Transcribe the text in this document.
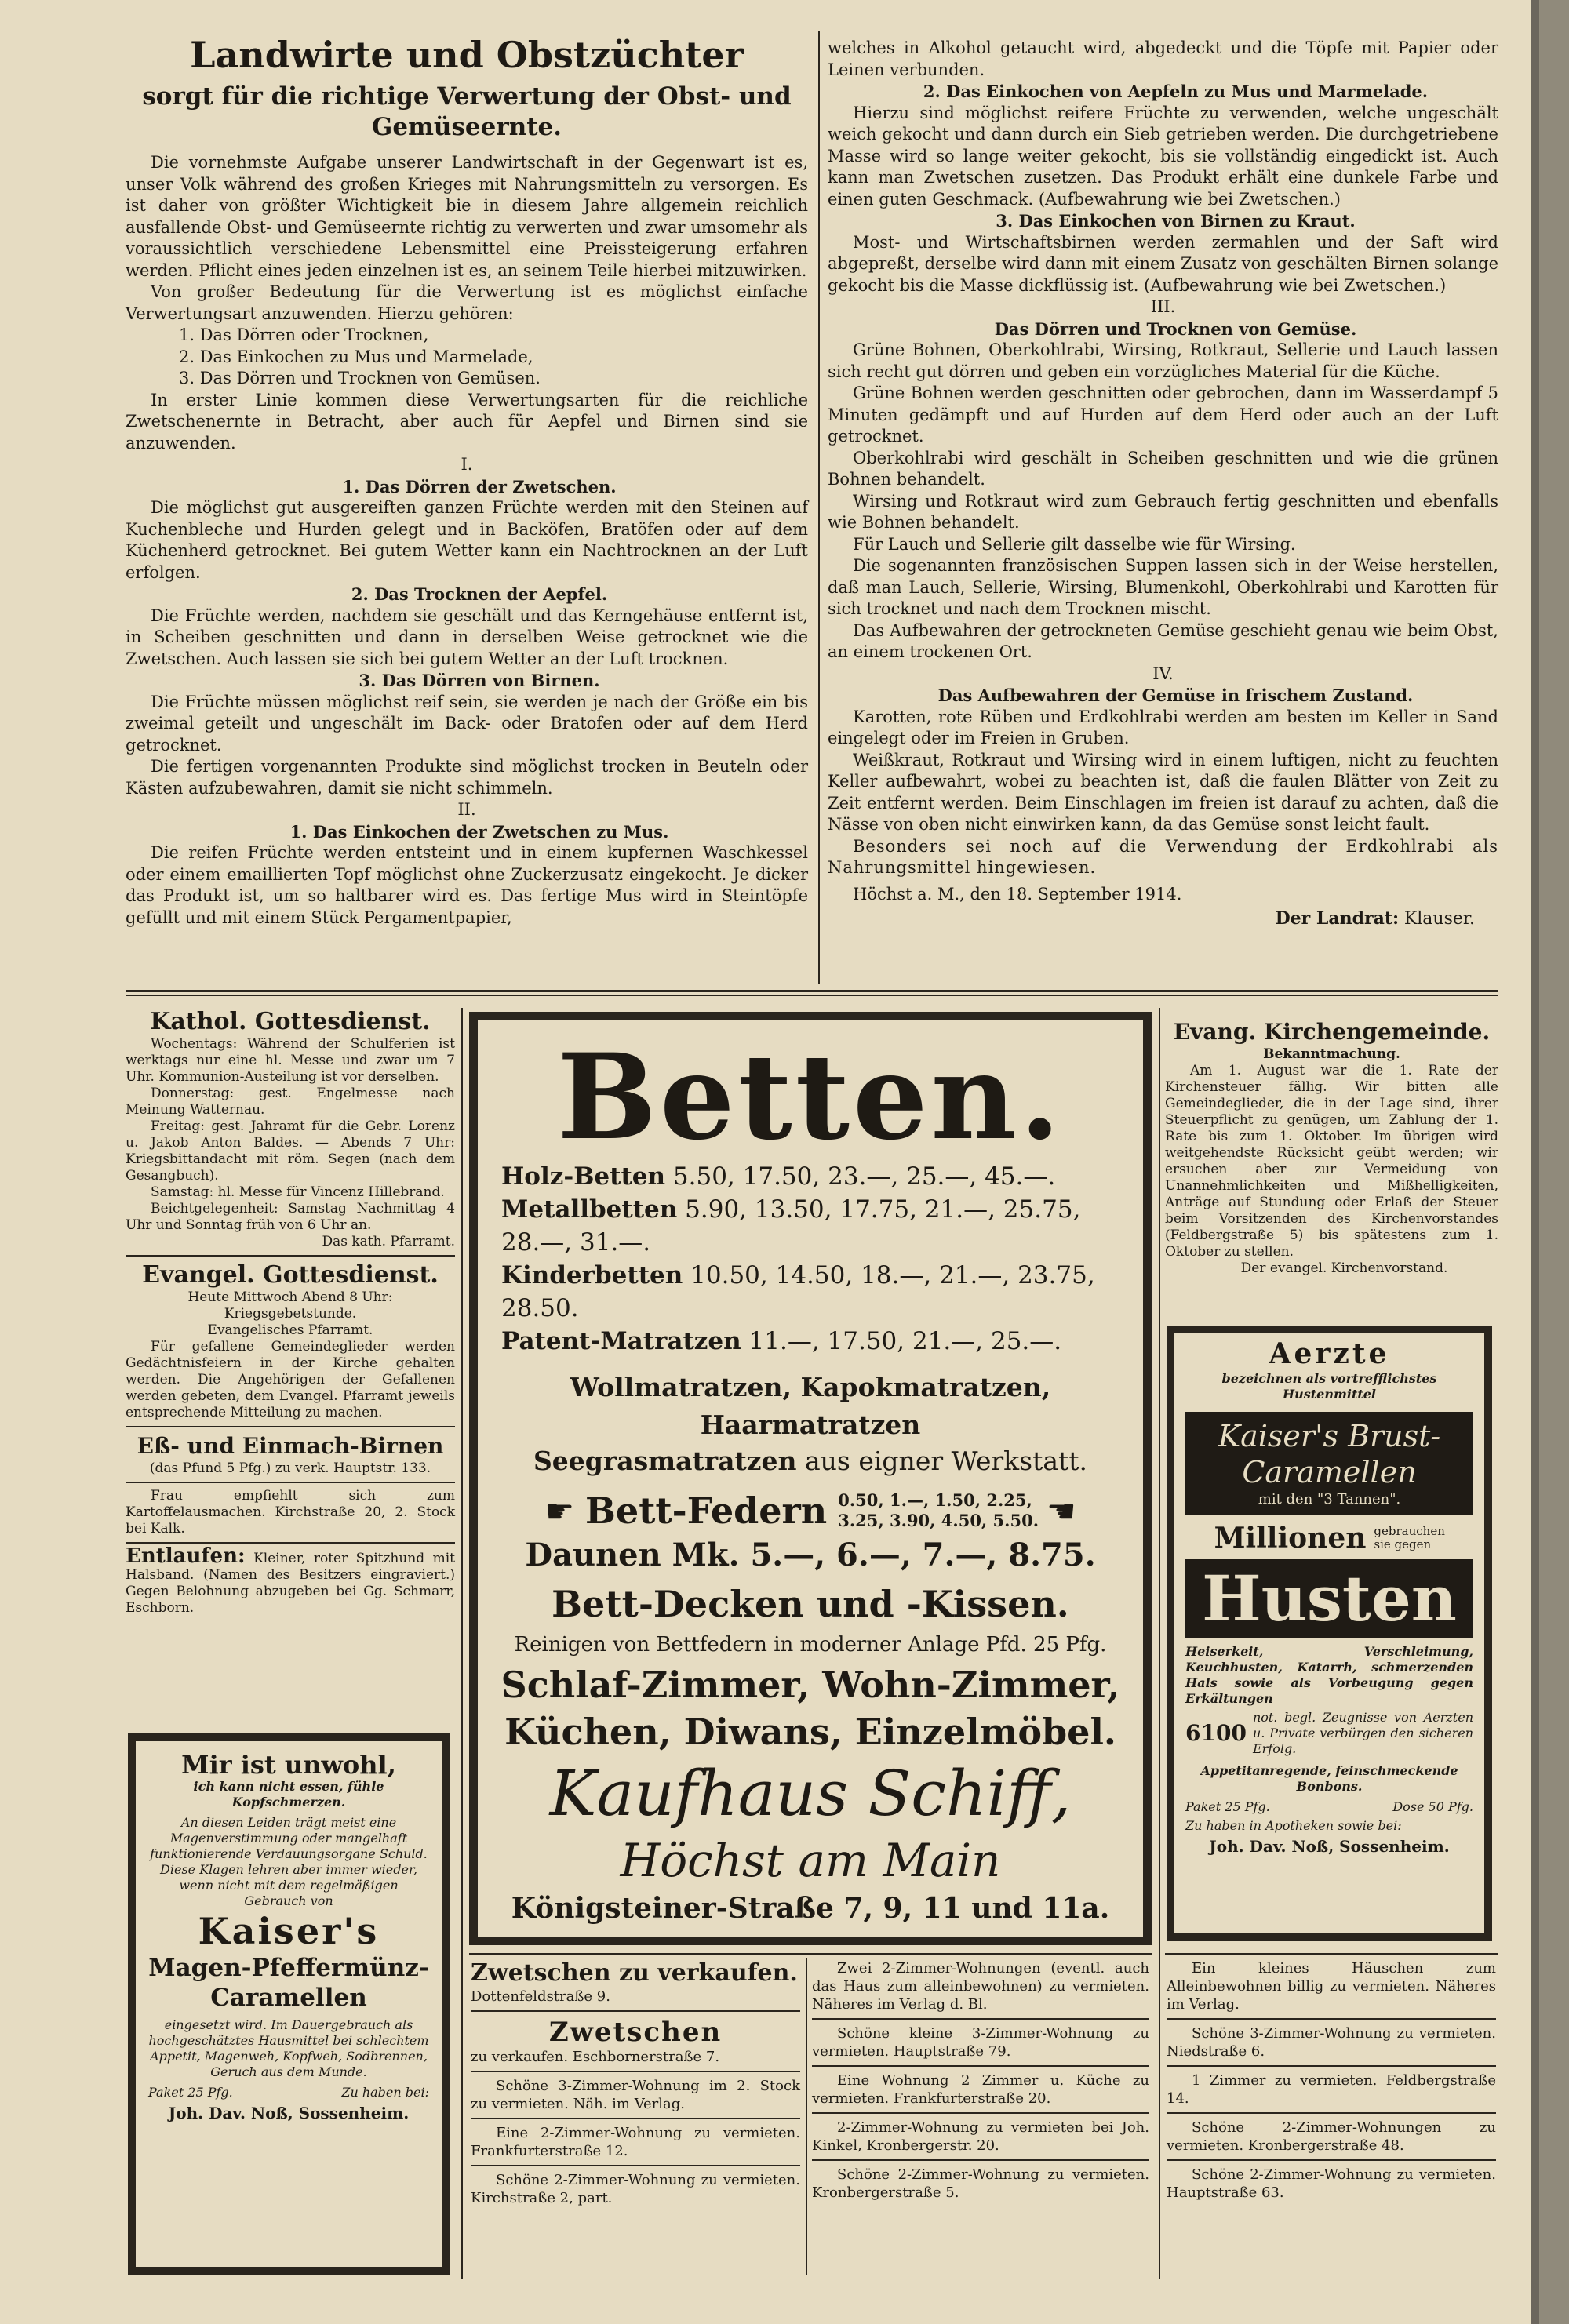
Landwirte und Obstzüchter
sorgt für die richtige Verwertung der Obst- und Gemüseernte.

Die vornehmste Aufgabe unserer Landwirtschaft in der Gegenwart ist es, unser Volk während des großen Krieges mit Nahrungsmitteln zu versorgen. Es ist daher von größter Wichtigkeit bie in diesem Jahre allgemein reichlich ausfallende Obst- und Gemüseernte richtig zu verwerten und zwar umsomehr als voraussichtlich verschiedene Lebensmittel eine Preissteigerung erfahren werden. Pflicht eines jeden einzelnen ist es, an seinem Teile hierbei mitzuwirken.

Von großer Bedeutung für die Verwertung ist es möglichst einfache Verwertungsart anzuwenden. Hierzu gehören:

1. Das Dörren oder Trocknen,
2. Das Einkochen zu Mus und Marmelade,
3. Das Dörren und Trocknen von Gemüsen.

In erster Linie kommen diese Verwertungsarten für die reichliche Zwetschenernte in Betracht, aber auch für Aepfel und Birnen sind sie anzuwenden.

I.

1. Das Dörren der Zwetschen.

Die möglichst gut ausgereiften ganzen Früchte werden mit den Steinen auf Kuchenbleche und Hurden gelegt und in Backöfen, Bratöfen oder auf dem Küchenherd getrocknet. Bei gutem Wetter kann ein Nachtrocknen an der Luft erfolgen.

2. Das Trocknen der Aepfel.

Die Früchte werden, nachdem sie geschält und das Kerngehäuse entfernt ist, in Scheiben geschnitten und dann in derselben Weise getrocknet wie die Zwetschen. Auch lassen sie sich bei gutem Wetter an der Luft trocknen.

3. Das Dörren von Birnen.

Die Früchte müssen möglichst reif sein, sie werden je nach der Größe ein bis zweimal geteilt und ungeschält im Back- oder Bratofen oder auf dem Herd getrocknet.

Die fertigen vorgenannten Produkte sind möglichst trocken in Beuteln oder Kästen aufzubewahren, damit sie nicht schimmeln.

II.

1. Das Einkochen der Zwetschen zu Mus.

Die reifen Früchte werden entsteint und in einem kupfernen Waschkessel oder einem emaillierten Topf möglichst ohne Zuckerzusatz eingekocht. Je dicker das Produkt ist, um so haltbarer wird es. Das fertige Mus wird in Steintöpfe gefüllt und mit einem Stück Pergamentpapier,

welches in Alkohol getaucht wird, abgedeckt und die Töpfe mit Papier oder Leinen verbunden.

2. Das Einkochen von Aepfeln zu Mus und Marmelade.

Hierzu sind möglichst reifere Früchte zu verwenden, welche ungeschält weich gekocht und dann durch ein Sieb getrieben werden. Die durchgetriebene Masse wird so lange weiter gekocht, bis sie vollständig eingedickt ist. Auch kann man Zwetschen zusetzen. Das Produkt erhält eine dunkele Farbe und einen guten Geschmack. (Aufbewahrung wie bei Zwetschen.)

3. Das Einkochen von Birnen zu Kraut.

Most- und Wirtschaftsbirnen werden zermahlen und der Saft wird abgepreßt, derselbe wird dann mit einem Zusatz von geschälten Birnen solange gekocht bis die Masse dickflüssig ist. (Aufbewahrung wie bei Zwetschen.)

III.

Das Dörren und Trocknen von Gemüse.

Grüne Bohnen, Oberkohlrabi, Wirsing, Rotkraut, Sellerie und Lauch lassen sich recht gut dörren und geben ein vorzügliches Material für die Küche.

Grüne Bohnen werden geschnitten oder gebrochen, dann im Wasserdampf 5 Minuten gedämpft und auf Hurden auf dem Herd oder auch an der Luft getrocknet.

Oberkohlrabi wird geschält in Scheiben geschnitten und wie die grünen Bohnen behandelt.

Wirsing und Rotkraut wird zum Gebrauch fertig geschnitten und ebenfalls wie Bohnen behandelt.

Für Lauch und Sellerie gilt dasselbe wie für Wirsing.

Die sogenannten französischen Suppen lassen sich in der Weise herstellen, daß man Lauch, Sellerie, Wirsing, Blumenkohl, Oberkohlrabi und Karotten für sich trocknet und nach dem Trocknen mischt.

Das Aufbewahren der getrockneten Gemüse geschieht genau wie beim Obst, an einem trockenen Ort.

IV.

Das Aufbewahren der Gemüse in frischem Zustand.

Karotten, rote Rüben und Erdkohlrabi werden am besten im Keller in Sand eingelegt oder im Freien in Gruben.

Weißkraut, Rotkraut und Wirsing wird in einem luftigen, nicht zu feuchten Keller aufbewahrt, wobei zu beachten ist, daß die faulen Blätter von Zeit zu Zeit entfernt werden. Beim Einschlagen im freien ist darauf zu achten, daß die Nässe von oben nicht einwirken kann, da das Gemüse sonst leicht fault.

Besonders sei noch auf die Verwendung der Erdkohlrabi als Nahrungsmittel hingewiesen.

Höchst a. M., den 18. September 1914.

Der Landrat: Klauser.
Kathol. Gottesdienst.

Wochentags: Während der Schulferien ist werktags nur eine hl. Messe und zwar um 7 Uhr. Kommunion-Austeilung ist vor derselben.

Donnerstag: gest. Engelmesse nach Meinung Watternau.

Freitag: gest. Jahramt für die Gebr. Lorenz u. Jakob Anton Baldes. — Abends 7 Uhr: Kriegsbittandacht mit röm. Segen (nach dem Gesangbuch).

Samstag: hl. Messe für Vincenz Hillebrand.

Beichtgelegenheit: Samstag Nachmittag 4 Uhr und Sonntag früh von 6 Uhr an.

Das kath. Pfarramt.

Evangel. Gottesdienst.

Heute Mittwoch Abend 8 Uhr: Kriegsgebetstunde.

Evangelisches Pfarramt.

Für gefallene Gemeindeglieder werden Gedächtnisfeiern in der Kirche gehalten werden. Die Angehörigen der Gefallenen werden gebeten, dem Evangel. Pfarramt jeweils entsprechende Mitteilung zu machen.

Eß- und Einmach-Birnen

(das Pfund 5 Pfg.) zu verk. Hauptstr. 133.

Frau empfiehlt sich zum Kartoffelausmachen. Kirchstraße 20, 2. Stock bei Kalk.

Entlaufen: Kleiner, roter Spitzhund mit Halsband. (Namen des Besitzers eingraviert.) Gegen Belohnung abzugeben bei Gg. Schmarr, Eschborn.

Mir ist unwohl,
ich kann nicht essen, fühle Kopfschmerzen.

An diesen Leiden trägt meist eine Magenverstimmung oder mangelhaft funktionierende Verdauungsorgane Schuld. Diese Klagen lehren aber immer wieder, wenn nicht mit dem regelmäßigen Gebrauch von

Kaiser's
Magen-Pfeffermünz-Caramellen

eingesetzt wird. Im Dauergebrauch als hochgeschätztes Hausmittel bei schlechtem Appetit, Magenweh, Kopfweh, Sodbrennen, Geruch aus dem Munde.

Paket 25 Pfg.	Zu haben bei:
Joh. Dav. Noß, Sossenheim.
Betten.
Holz-Betten 5.50, 17.50, 23.—, 25.—, 45.—.
Metallbetten 5.90, 13.50, 17.75, 21.—, 25.75, 28.—, 31.—.
Kinderbetten 10.50, 14.50, 18.—, 21.—, 23.75, 28.50.
Patent-Matratzen 11.—, 17.50, 21.—, 25.—.
Wollmatratzen, Kapokmatratzen, Haarmatratzen
Seegrasmatratzen aus eigner Werkstatt.
☛ Bett-Federn 0.50, 1.—, 1.50, 2.25,
3.25, 3.90, 4.50, 5.50. ☚
Daunen Mk. 5.—, 6.—, 7.—, 8.75.
Bett-Decken und -Kissen.
Reinigen von Bettfedern in moderner Anlage Pfd. 25 Pfg.
Schlaf-Zimmer, Wohn-Zimmer,
Küchen, Diwans, Einzelmöbel.
Kaufhaus Schiff,
Höchst am Main
Königsteiner-Straße 7, 9, 11 und 11a.
Evang. Kirchengemeinde.
Bekanntmachung.

Am 1. August war die 1. Rate der Kirchensteuer fällig. Wir bitten alle Gemeindeglieder, die in der Lage sind, ihrer Steuerpflicht zu genügen, um Zahlung der 1. Rate bis zum 1. Oktober. Im übrigen wird weitgehendste Rücksicht geübt werden; wir ersuchen aber zur Vermeidung von Unannehmlichkeiten und Mißhelligkeiten, Anträge auf Stundung oder Erlaß der Steuer beim Vorsitzenden des Kirchenvorstandes (Feldbergstraße 5) bis spätestens zum 1. Oktober zu stellen.

Der evangel. Kirchenvorstand.

Aerzte
bezeichnen als vortrefflichstes Hustenmittel
Kaiser's Brust-
Caramellen
mit den "3 Tannen".
Millionen gebrauchen sie gegen
Husten

Heiserkeit, Verschleimung, Keuchhusten, Katarrh, schmerzenden Hals sowie als Vorbeugung gegen Erkältungen

6100
not. begl. Zeugnisse von Aerzten u. Private verbürgen den sicheren Erfolg.
Appetitanregende, feinschmeckende Bonbons.
Paket 25 Pfg.	Dose 50 Pfg.
Zu haben in Apotheken sowie bei:
Joh. Dav. Noß, Sossenheim.
Zwetschen zu verkaufen.
Dottenfeldstraße 9.
Zwetschen
zu verkaufen. Eschbornerstraße 7.

Schöne 3-Zimmer-Wohnung im 2. Stock zu vermieten. Näh. im Verlag.

Eine 2-Zimmer-Wohnung zu vermieten. Frankfurterstraße 12.

Schöne 2-Zimmer-Wohnung zu vermieten. Kirchstraße 2, part.

Zwei 2-Zimmer-Wohnungen (eventl. auch das Haus zum alleinbewohnen) zu vermieten. Näheres im Verlag d. Bl.

Schöne kleine 3-Zimmer-Wohnung zu vermieten. Hauptstraße 79.

Eine Wohnung 2 Zimmer u. Küche zu vermieten. Frankfurterstraße 20.

2-Zimmer-Wohnung zu vermieten bei Joh. Kinkel, Kronbergerstr. 20.

Schöne 2-Zimmer-Wohnung zu vermieten. Kronbergerstraße 5.

Ein kleines Häuschen zum Alleinbewohnen billig zu vermieten. Näheres im Verlag.

Schöne 3-Zimmer-Wohnung zu vermieten. Niedstraße 6.

1 Zimmer zu vermieten. Feldbergstraße 14.

Schöne 2-Zimmer-Wohnungen zu vermieten. Kronbergerstraße 48.

Schöne 2-Zimmer-Wohnung zu vermieten. Hauptstraße 63.
